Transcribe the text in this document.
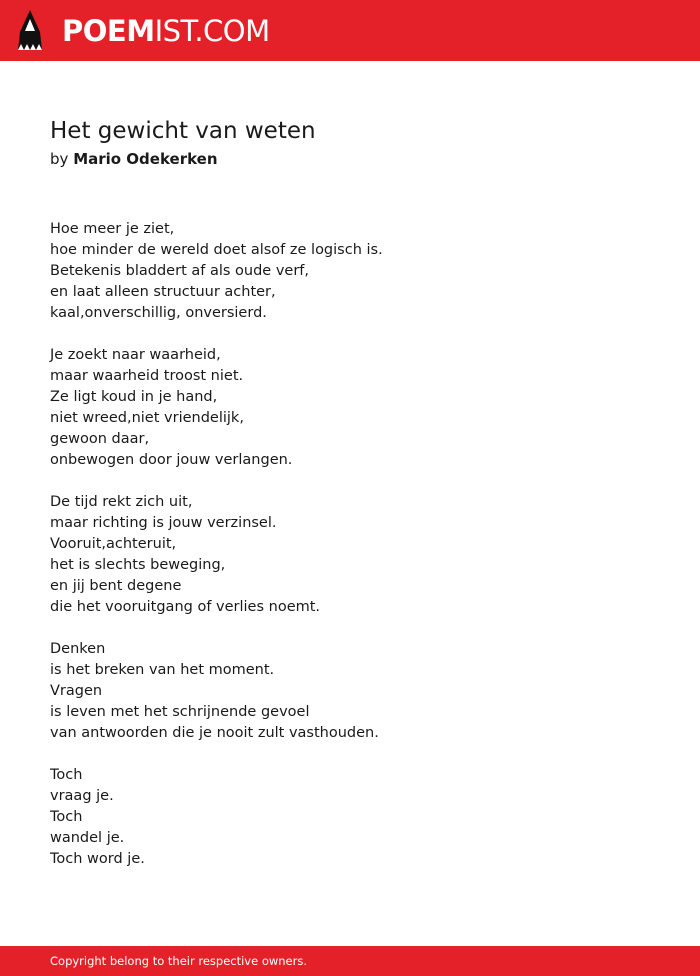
POEMIST.COM
Het gewicht van weten
by Mario Odekerken
Hoe meer je ziet,
hoe minder de wereld doet alsof ze logisch is.
Betekenis bladdert af als oude verf,
en laat alleen structuur achter,
kaal,onverschillig, onversierd.
Je zoekt naar waarheid,
maar waarheid troost niet.
Ze ligt koud in je hand,
niet wreed,niet vriendelijk,
gewoon daar,
onbewogen door jouw verlangen.
De tijd rekt zich uit,
maar richting is jouw verzinsel.
Vooruit,achteruit,
het is slechts beweging,
en jij bent degene
die het vooruitgang of verlies noemt.
Denken
is het breken van het moment.
Vragen
is leven met het schrijnende gevoel
van antwoorden die je nooit zult vasthouden.
Toch
vraag je.
Toch
wandel je.
Toch word je.
Copyright belong to their respective owners.
